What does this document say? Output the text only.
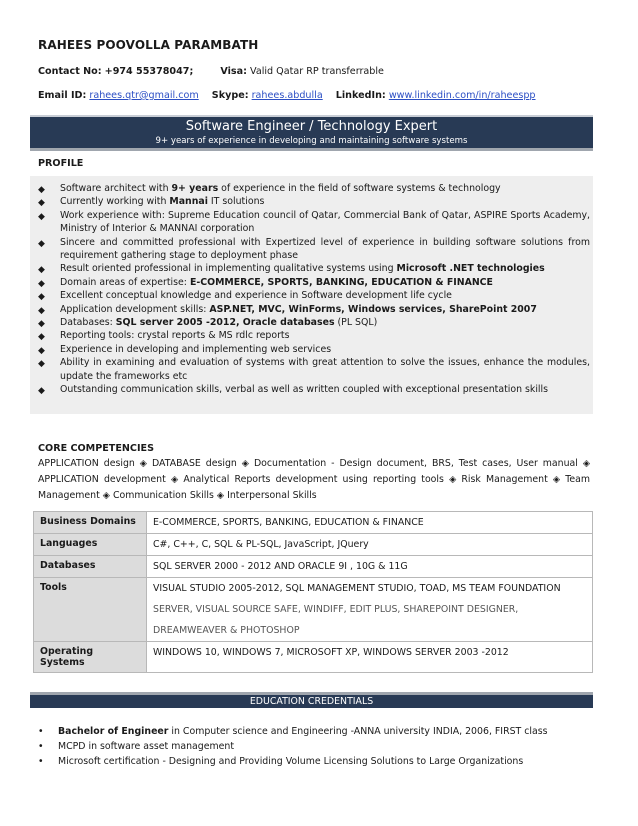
RAHEES POOVOLLA PARAMBATH
Contact No: +974 55378047;	Visa: Valid Qatar RP transferrable
Email ID: rahees.qtr@gmail.com Skype: rahees.abdulla LinkedIn: www.linkedin.com/in/raheespp
Software Engineer / Technology Expert
9+ years of experience in developing and maintaining software systems
PROFILE
◆ Software architect with 9+ years of experience in the field of software systems & technology
◆ Currently working with Mannai IT solutions
◆ Work experience with: Supreme Education council of Qatar, Commercial Bank of Qatar, ASPIRE Sports Academy, Ministry of Interior & MANNAI corporation
◆ Sincere and committed professional with Expertized level of experience in building software solutions from requirement gathering stage to deployment phase
◆ Result oriented professional in implementing qualitative systems using Microsoft .NET technologies
◆ Domain areas of expertise: E-COMMERCE, SPORTS, BANKING, EDUCATION & FINANCE
◆ Excellent conceptual knowledge and experience in Software development life cycle
◆ Application development skills: ASP.NET, MVC, WinForms, Windows services, SharePoint 2007
◆ Databases: SQL server 2005 -2012, Oracle databases (PL SQL)
◆ Reporting tools: crystal reports & MS rdlc reports
◆ Experience in developing and implementing web services
◆ Ability in examining and evaluation of systems with great attention to solve the issues, enhance the modules, update the frameworks etc
◆ Outstanding communication skills, verbal as well as written coupled with exceptional presentation skills
CORE COMPETENCIES
APPLICATION design ◈ DATABASE design ◈ Documentation - Design document, BRS, Test cases, User manual ◈ APPLICATION development ◈ Analytical Reports development using reporting tools ◈ Risk Management ◈ Team Management ◈ Communication Skills ◈ Interpersonal Skills
Business Domains	E-COMMERCE, SPORTS, BANKING, EDUCATION & FINANCE

Languages	C#, C++, C, SQL & PL-SQL, JavaScript, JQuery

Databases	SQL SERVER 2000 - 2012 AND ORACLE 9I , 10G & 11G

Tools	VISUAL STUDIO 2005-2012, SQL MANAGEMENT STUDIO, TOAD, MS TEAM FOUNDATION
SERVER, VISUAL SOURCE SAFE, WINDIFF, EDIT PLUS, SHAREPOINT DESIGNER,
DREAMWEAVER & PHOTOSHOP

Operating Systems	WINDOWS 10, WINDOWS 7, MICROSOFT XP, WINDOWS SERVER 2003 -2012
EDUCATION CREDENTIALS
• Bachelor of Engineer in Computer science and Engineering -ANNA university INDIA, 2006, FIRST class
• MCPD in software asset management
• Microsoft certification - Designing and Providing Volume Licensing Solutions to Large Organizations
